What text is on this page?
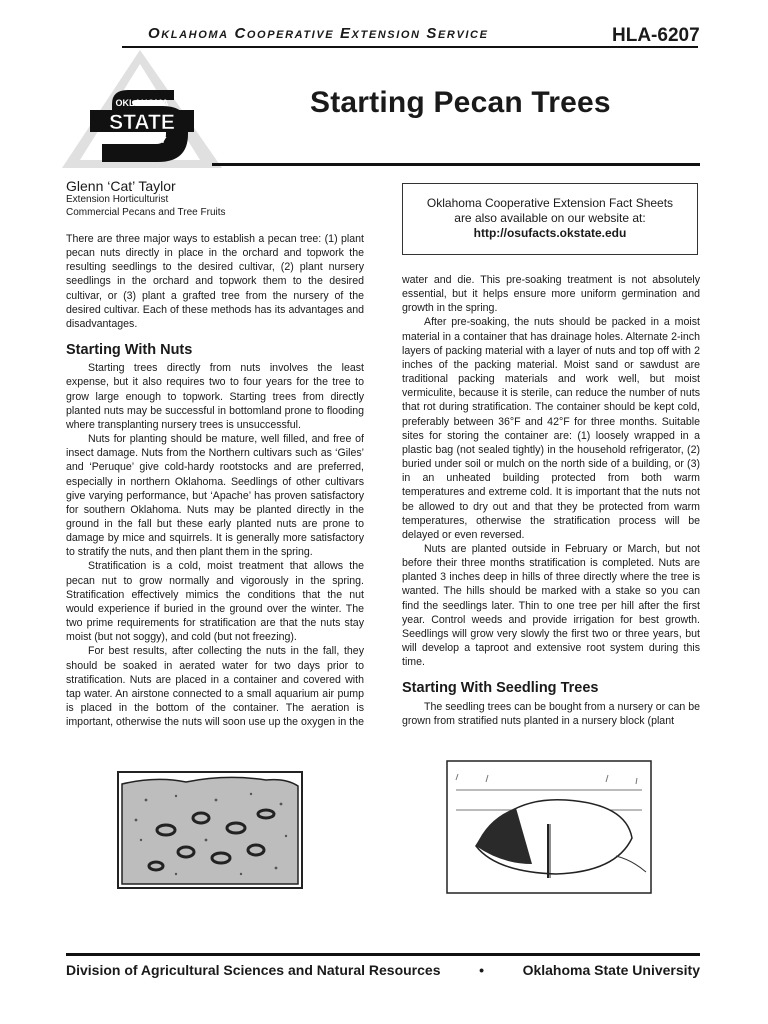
Oklahoma Cooperative Extension Service	HLA-6207
OKLAHOMA
STATE
UNIVERSITY
Starting Pecan Trees
Glenn ‘Cat’ Taylor
Extension Horticulturist
Commercial Pecans and Tree Fruits
Oklahoma Cooperative Extension Fact Sheets
are also available on our website at:
http://osufacts.okstate.edu

There are three major ways to establish a pecan tree: (1) plant pecan nuts directly in place in the orchard and topwork the resulting seedlings to the desired cultivar, (2) plant nursery seedlings in the orchard and topwork them to the desired cultivar, or (3) plant a grafted tree from the nursery of the desired cultivar. Each of these methods has its advantages and disadvantages.

Starting With Nuts

Starting trees directly from nuts involves the least expense, but it also requires two to four years for the tree to grow large enough to topwork. Starting trees from directly planted nuts may be successful in bottomland prone to flooding where transplanting nursery trees is unsuccessful.

Nuts for planting should be mature, well filled, and free of insect damage. Nuts from the Northern cultivars such as ‘Giles’ and ‘Peruque’ give cold-hardy rootstocks and are preferred, especially in northern Oklahoma. Seedlings of other cultivars give varying performance, but ‘Apache’ has proven satisfactory for southern Oklahoma. Nuts may be planted directly in the ground in the fall but these early planted nuts are prone to damage by mice and squirrels. It is generally more satisfactory to stratify the nuts, and then plant them in the spring.

Stratification is a cold, moist treatment that allows the pecan nut to grow normally and vigorously in the spring. Stratification effectively mimics the conditions that the nut would experience if buried in the ground over the winter. The two prime requirements for stratification are that the nuts stay moist (but not soggy), and cold (but not freezing).

For best results, after collecting the nuts in the fall, they should be soaked in aerated water for two days prior to stratification. Nuts are placed in a container and covered with tap water. An airstone connected to a small aquarium air pump is placed in the bottom of the container. The aeration is important, otherwise the nuts will soon use up the oxygen in the

water and die. This pre-soaking treatment is not absolutely essential, but it helps ensure more uniform germination and growth in the spring.

After pre-soaking, the nuts should be packed in a moist material in a container that has drainage holes. Alternate 2-inch layers of packing material with a layer of nuts and top off with 2 inches of the packing material. Moist sand or sawdust are traditional packing materials and work well, but moist vermiculite, because it is sterile, can reduce the number of nuts that rot during stratification. The container should be kept cold, preferably between 36°F and 42°F for three months. Suitable sites for storing the container are: (1) loosely wrapped in a plastic bag (not sealed tightly) in the household refrigerator, (2) buried under soil or mulch on the north side of a building, or (3) in an unheated building protected from both warm temperatures and extreme cold. It is important that the nuts not be allowed to dry out and that they be protected from warm temperatures, otherwise the stratification process will be delayed or even reversed.

Nuts are planted outside in February or March, but not before their three months stratification is completed. Nuts are planted 3 inches deep in hills of three directly where the tree is wanted. The hills should be marked with a stake so you can find the seedlings later. Thin to one tree per hill after the first year. Control weeds and provide irrigation for best growth. Seedlings will grow very slowly the first two or three years, but will develop a taproot and extensive root system during this time.

Starting With Seedling Trees

The seedling trees can be bought from a nursery or can be grown from stratified nuts planted in a nursery block (plant

Division of Agricultural Sciences and Natural Resources	•	Oklahoma State University
